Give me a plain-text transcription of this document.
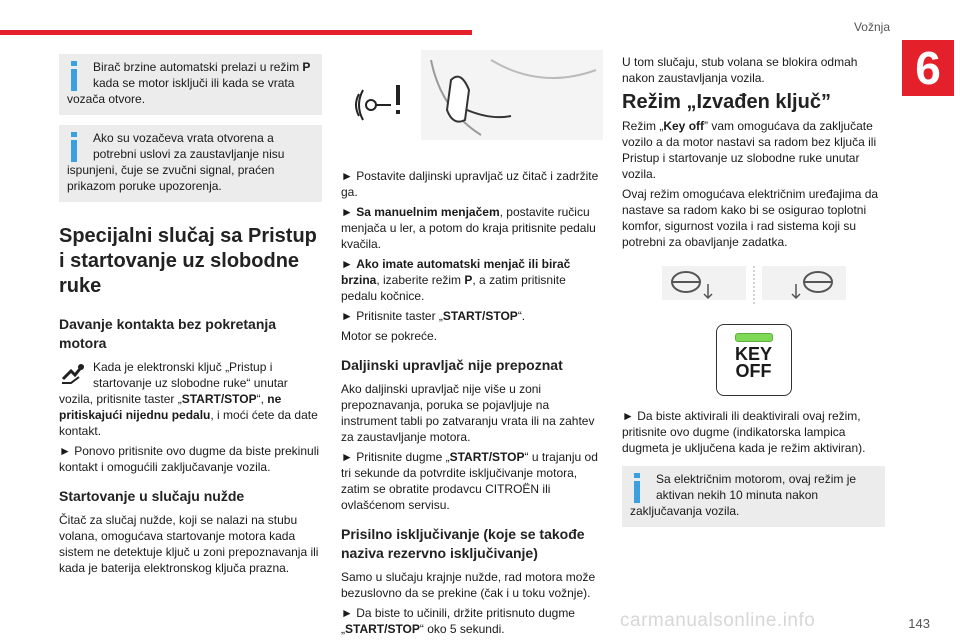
Vožnja
6
Birač brzine automatski prelazi u režim P kada se motor isključi ili kada se vrata vozača otvore.
Ako su vozačeva vrata otvorena a potrebni uslovi za zaustavljanje nisu ispunjeni, čuje se zvučni signal, praćen prikazom poruke upozorenja.
Specijalni slučaj sa Pristup i startovanje uz slobodne ruke
Davanje kontakta bez pokretanja motora

Kada je elektronski ključ „Pristup i startovanje uz slobodne ruke“ unutar vozila, pritisnite taster „START/STOP“, ne pritiskajući nijednu pedalu, i moći ćete da date kontakt.

► Ponovo pritisnite ovo dugme da biste prekinuli kontakt i omogućili zaključavanje vozila.

Startovanje u slučaju nužde

Čitač za slučaj nužde, koji se nalazi na stubu volana, omogućava startovanje motora kada sistem ne detektuje ključ u zoni prepoznavanja ili kada je baterija elektronskog ključa prazna.

► Postavite daljinski upravljač uz čitač i zadržite ga.

► Sa manuelnim menjačem, postavite ručicu menjača u ler, a potom do kraja pritisnite pedalu kvačila.

► Ako imate automatski menjač ili birač brzina, izaberite režim P, a zatim pritisnite pedalu kočnice.

► Pritisnite taster „START/STOP“.

Motor se pokreće.

Daljinski upravljač nije prepoznat

Ako daljinski upravljač nije više u zoni prepoznavanja, poruka se pojavljuje na instrument tabli po zatvaranju vrata ili na zahtev za zaustavljanje motora.

► Pritisnite dugme „START/STOP“ u trajanju od tri sekunde da potvrdite isključivanje motora, zatim se obratite prodavcu CITROËN ili ovlašćenom servisu.

Prisilno isključivanje (koje se takođe naziva rezervno isključivanje)

Samo u slučaju krajnje nužde, rad motora može bezuslovno da se prekine (čak i u toku vožnje).

► Da biste to učinili, držite pritisnuto dugme „START/STOP“ oko 5 sekundi.

U tom slučaju, stub volana se blokira odmah nakon zaustavljanja vozila.

Režim „Izvađen ključ”

Režim „Key off” vam omogućava da zaključate vozilo a da motor nastavi sa radom bez ključa ili Pristup i startovanje uz slobodne ruke unutar vozila.

Ovaj režim omogućava električnim uređajima da nastave sa radom kako bi se osigurao toplotni komfor, sigurnost vozila i rad sistema koji su potrebni za obavljanje zadatka.

KEY
OFF

► Da biste aktivirali ili deaktivirali ovaj režim, pritisnite ovo dugme (indikatorska lampica dugmeta je uključena kada je režim aktiviran).

Sa električnim motorom, ovaj režim je aktivan nekih 10 minuta nakon zaključavanja vozila.
carmanualsonline.info	143
